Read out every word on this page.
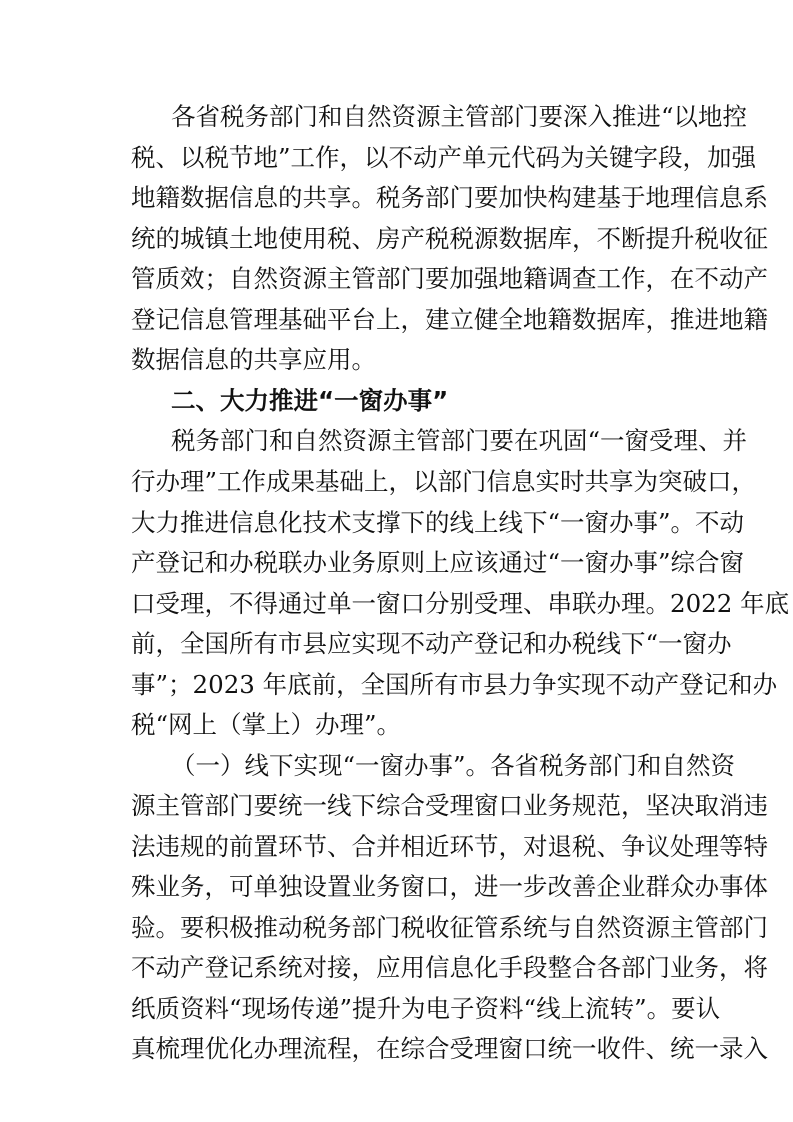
各省税务部门和自然资源主管部门要深入推进“以地控
税、以税节地”工作，以不动产单元代码为关键字段，加强
地籍数据信息的共享。税务部门要加快构建基于地理信息系
统的城镇土地使用税、房产税税源数据库，不断提升税收征
管质效；自然资源主管部门要加强地籍调查工作，在不动产
登记信息管理基础平台上，建立健全地籍数据库，推进地籍
数据信息的共享应用。
二、大力推进“一窗办事”
税务部门和自然资源主管部门要在巩固“一窗受理、并
行办理”工作成果基础上，以部门信息实时共享为突破口，
大力推进信息化技术支撑下的线上线下“一窗办事”。不动
产登记和办税联办业务原则上应该通过“一窗办事”综合窗
口受理，不得通过单一窗口分别受理、串联办理。2022 年底
前，全国所有市县应实现不动产登记和办税线下“一窗办
事”；2023 年底前，全国所有市县力争实现不动产登记和办
税“网上（掌上）办理”。
（一）线下实现“一窗办事”。各省税务部门和自然资
源主管部门要统一线下综合受理窗口业务规范，坚决取消违
法违规的前置环节、合并相近环节，对退税、争议处理等特
殊业务，可单独设置业务窗口，进一步改善企业群众办事体
验。要积极推动税务部门税收征管系统与自然资源主管部门
不动产登记系统对接，应用信息化手段整合各部门业务，将
纸质资料“现场传递”提升为电子资料“线上流转”。要认
真梳理优化办理流程，在综合受理窗口统一收件、统一录入
